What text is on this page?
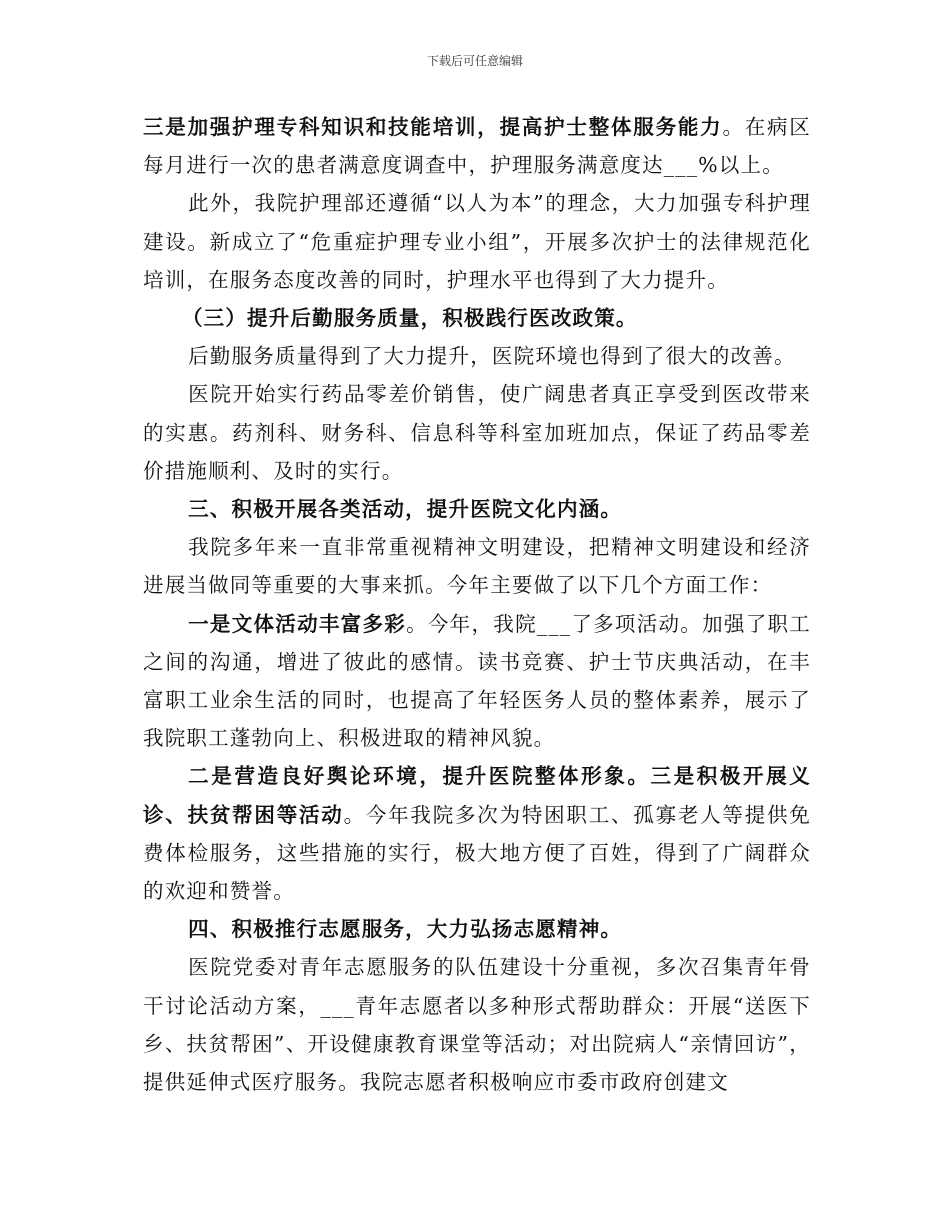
下载后可任意编辑

三是加强护理专科知识和技能培训，提高护士整体服务能力。在病区每月进行一次的患者满意度调查中，护理服务满意度达___%以上。

此外，我院护理部还遵循“以人为本”的理念，大力加强专科护理建设。新成立了“危重症护理专业小组”，开展多次护士的法律规范化培训，在服务态度改善的同时，护理水平也得到了大力提升。

（三）提升后勤服务质量，积极践行医改政策。

后勤服务质量得到了大力提升，医院环境也得到了很大的改善。

医院开始实行药品零差价销售，使广阔患者真正享受到医改带来的实惠。药剂科、财务科、信息科等科室加班加点，保证了药品零差价措施顺利、及时的实行。

三、积极开展各类活动，提升医院文化内涵。

我院多年来一直非常重视精神文明建设，把精神文明建设和经济进展当做同等重要的大事来抓。今年主要做了以下几个方面工作：

一是文体活动丰富多彩。今年，我院___了多项活动。加强了职工之间的沟通，增进了彼此的感情。读书竞赛、护士节庆典活动，在丰富职工业余生活的同时，也提高了年轻医务人员的整体素养，展示了我院职工蓬勃向上、积极进取的精神风貌。

二是营造良好舆论环境，提升医院整体形象。三是积极开展义诊、扶贫帮困等活动。今年我院多次为特困职工、孤寡老人等提供免费体检服务，这些措施的实行，极大地方便了百姓，得到了广阔群众的欢迎和赞誉。

四、积极推行志愿服务，大力弘扬志愿精神。

医院党委对青年志愿服务的队伍建设十分重视，多次召集青年骨干讨论活动方案，___青年志愿者以多种形式帮助群众：开展“送医下乡、扶贫帮困”、开设健康教育课堂等活动；对出院病人“亲情回访”，提供延伸式医疗服务。我院志愿者积极响应市委市政府创建文
